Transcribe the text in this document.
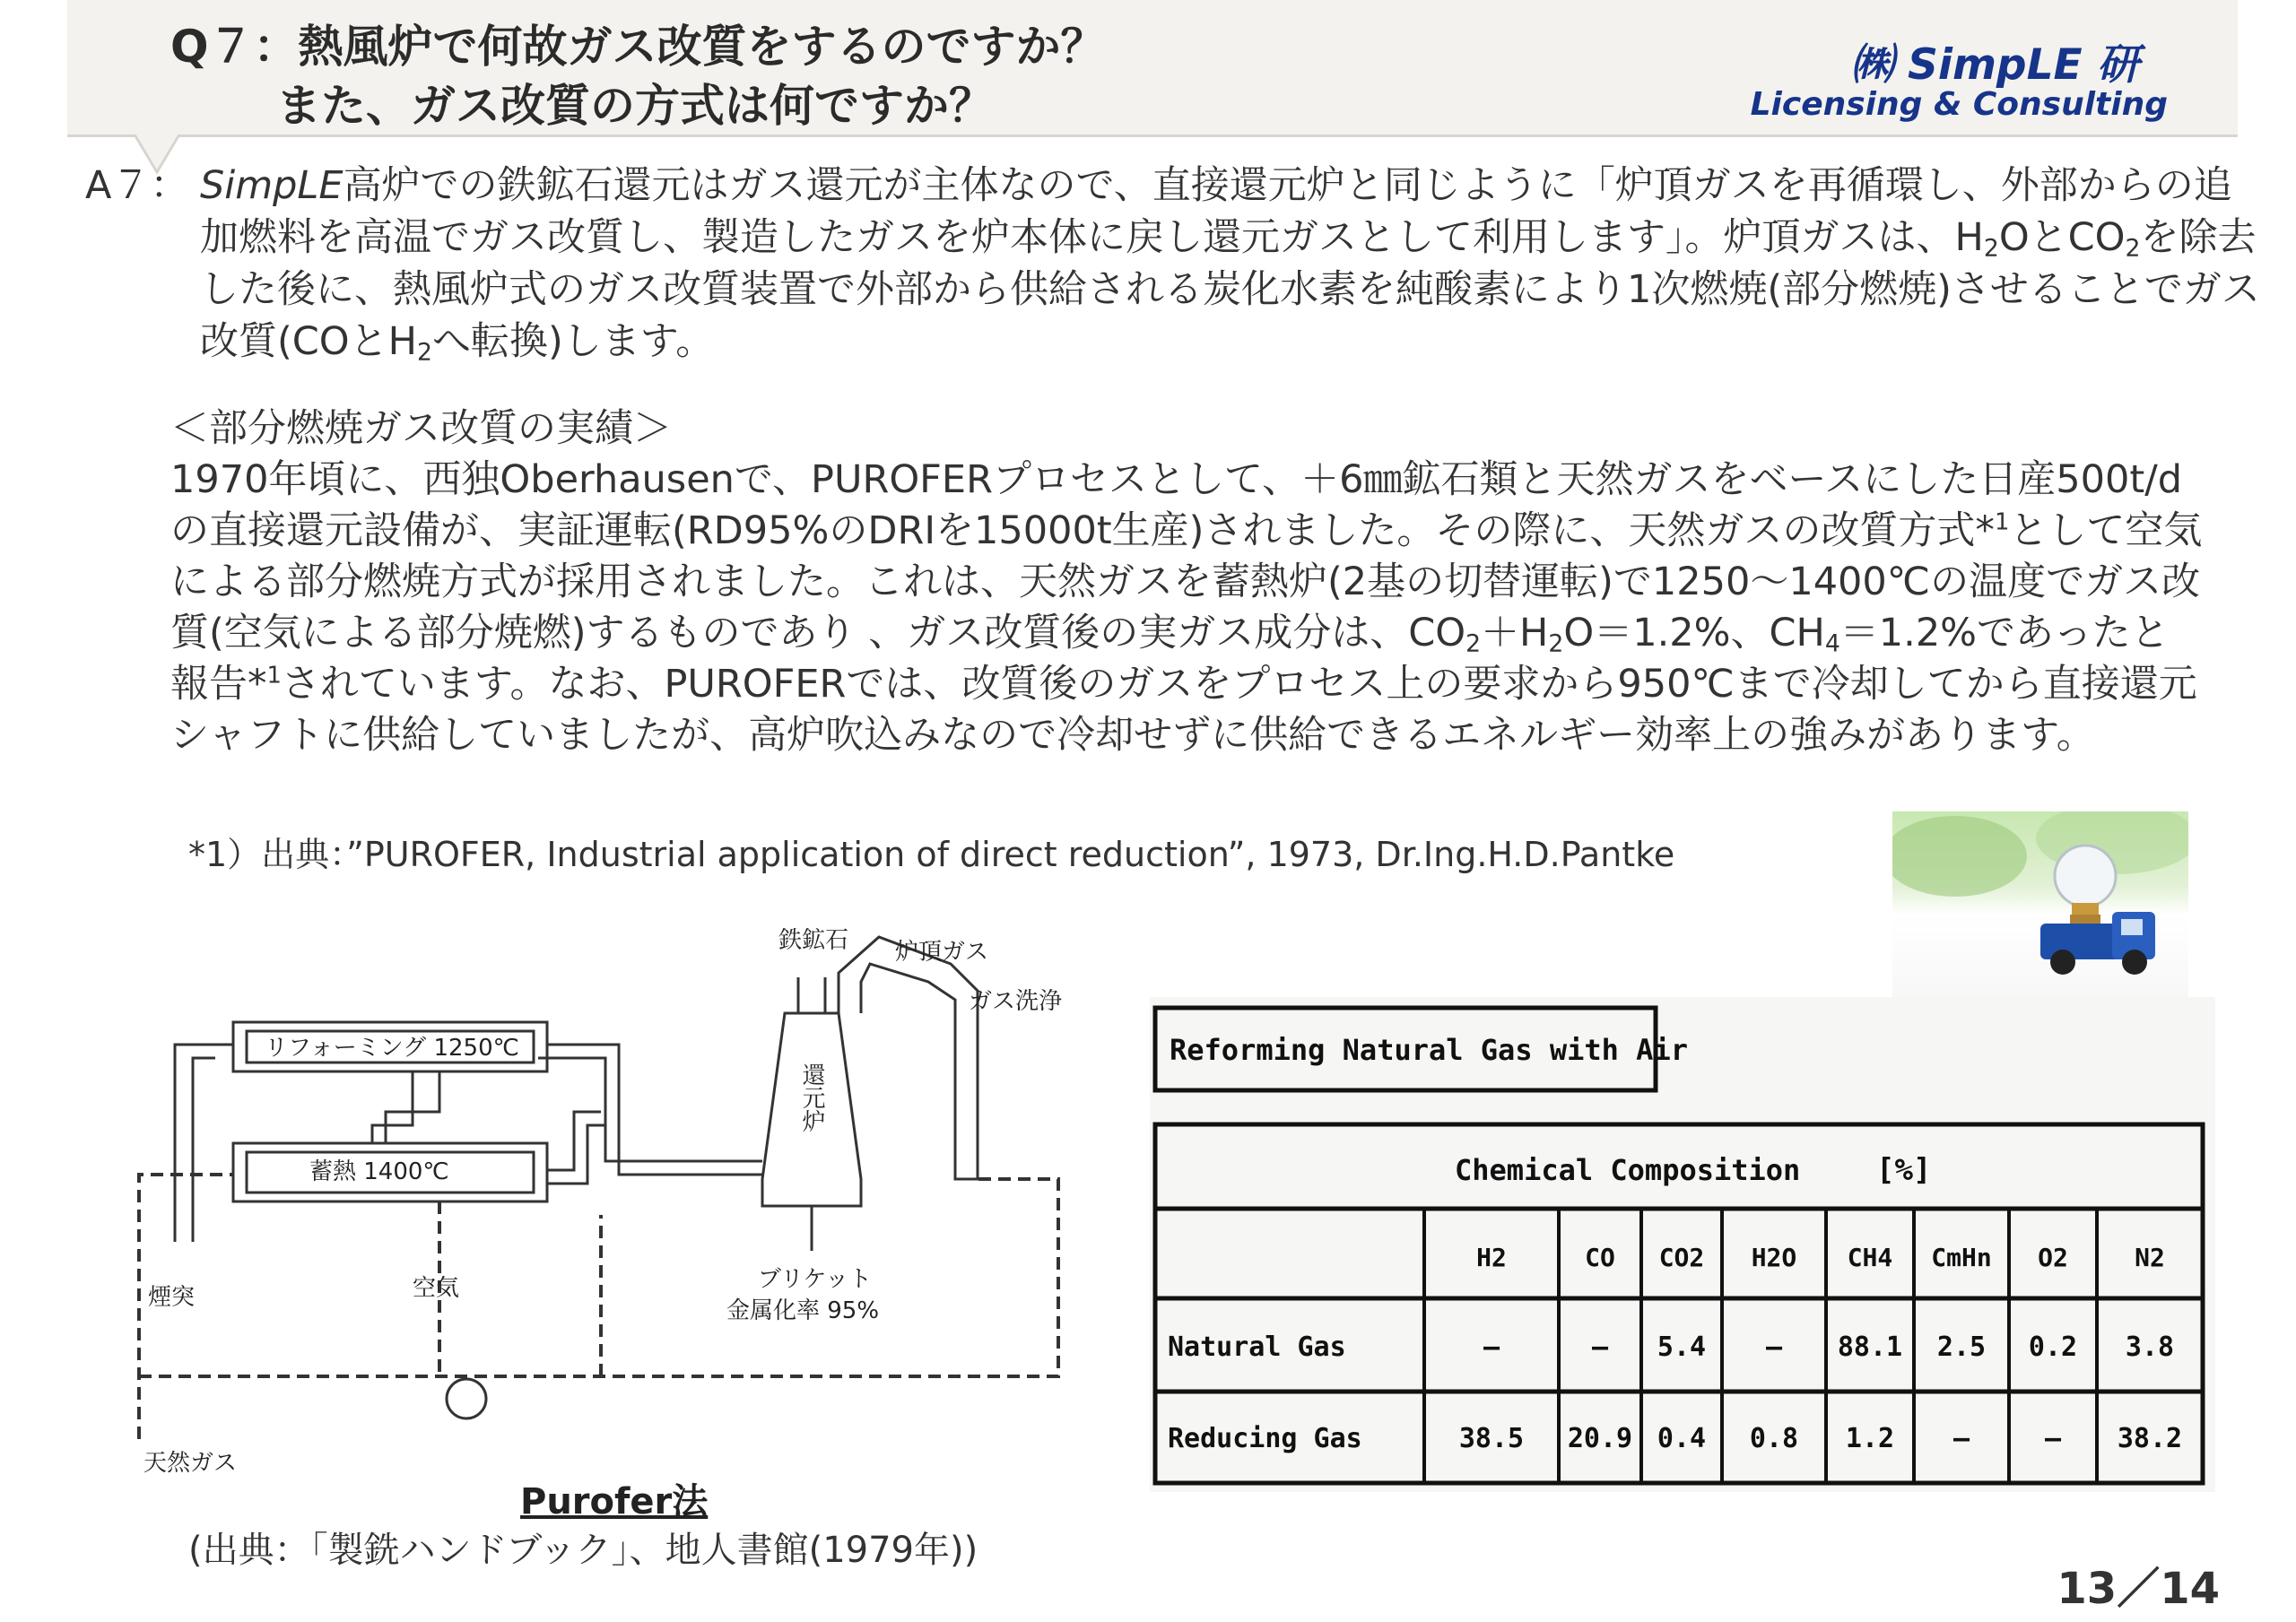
Q７：熱風炉で何故ガス改質をするのですか？
また、ガス改質の方式は何ですか？
㈱ SimpLE 研
Licensing & Consulting
A７： SimpLE高炉での鉄鉱石還元はガス還元が主体なので、直接還元炉と同じように「炉頂ガスを再循環し、外部からの追加燃料を高温でガス改質し、製造したガスを炉本体に戻し還元ガスとして利用します」。炉頂ガスは、$H_2O$と$CO_2$を除去した後に、熱風炉式のガス改質装置で外部から供給される炭化水素を純酸素により1次燃焼(部分燃焼)させることでガス改質(COと$H_2$へ転換)します。
＜部分燃焼ガス改質の実績＞
1970年頃に、西独Oberhausenで、PUROFERプロセスとして、＋6㎜鉱石類と天然ガスをベースにした日産500t/dの直接還元設備が、実証運転(RD95%のDRIを15000t生産)されました。その際に、天然ガスの改質方式*$^1$として空気による部分燃焼方式が採用されました。これは、天然ガスを蓄熱炉(2基の切替運転)で1250～1400℃の温度でガス改質(空気による部分焼燃)するものであり 、ガス改質後の実ガス成分は、$CO_2+H_2O=1.2\%$、$CH_4=1.2\%$であったと報告*$^1$されています。なお、PUROFERでは、改質後のガスをプロセス上の要求から950℃まで冷却してから直接還元シャフトに供給していましたが、高炉吹込みなので冷却せずに供給できるエネルギー効率上の強みがあります。
*1）出典：”PUROFER, Industrial application of direct reduction”, 1973, Dr.Ing.H.D.Pantke
鉄鉱石 炉頂ガス
ガス洗浄
リフォーミング 1250℃
蓄熱 1400℃
ブリケット
金属化率 95%
空気
煙突
天然ガス
還元炉
Purofer法
(出典：「製銑ハンドブック」、地人書館(1979年))
Reforming Natural Gas with Air
Chemical Composition [%]
H2	CO CO2 H2O CH4 CmHn O2	N2
Natural Gas	–	– 5.4 – 88.1 2.5 0.2 3.8
Reducing Gas	38.5 20.9 0.4 0.8 1.2 –	– 38.2
13／14
